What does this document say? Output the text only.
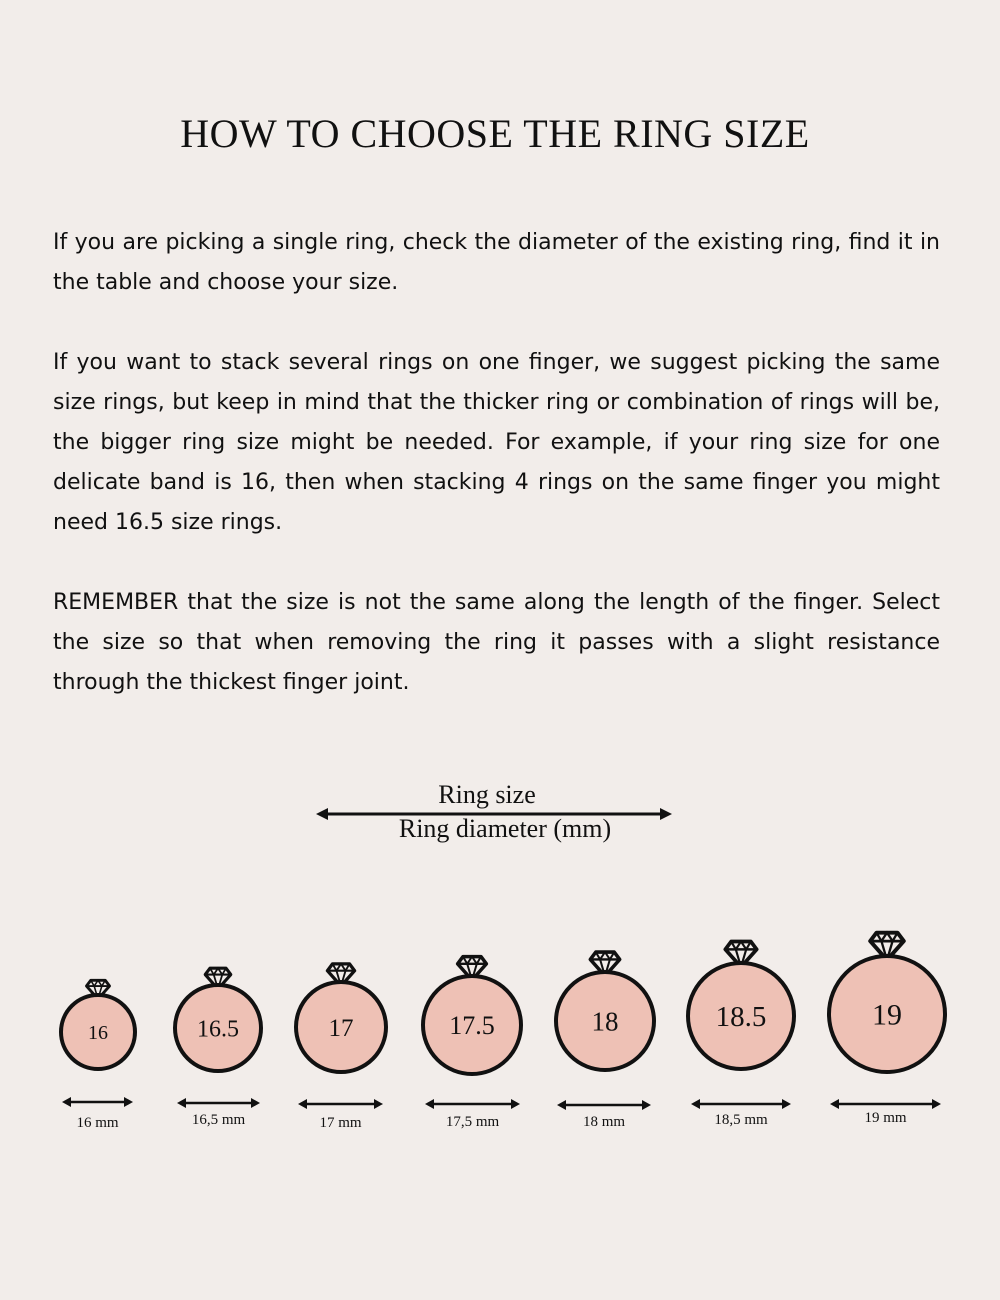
HOW TO CHOOSE THE RING SIZE

If you are picking a single ring, check the diameter of the existing ring, find it in the table and choose your size.

If you want to stack several rings on one finger, we suggest picking the same size rings, but keep in mind that the thicker ring or combination of rings will be, the bigger ring size might be needed. For example, if your ring size for one delicate band is 16, then when stacking 4 rings on the same finger you might need 16.5 size rings.

REMEMBER that the size is not the same along the length of the finger. Select the size so that when removing the ring it passes with a slight resistance through the thickest finger joint.

Ring size
Ring diameter (mm)
16
16 mm
16.5
16,5 mm
17
17 mm
17.5
17,5 mm
18
18 mm
18.5
18,5 mm
19
19 mm
